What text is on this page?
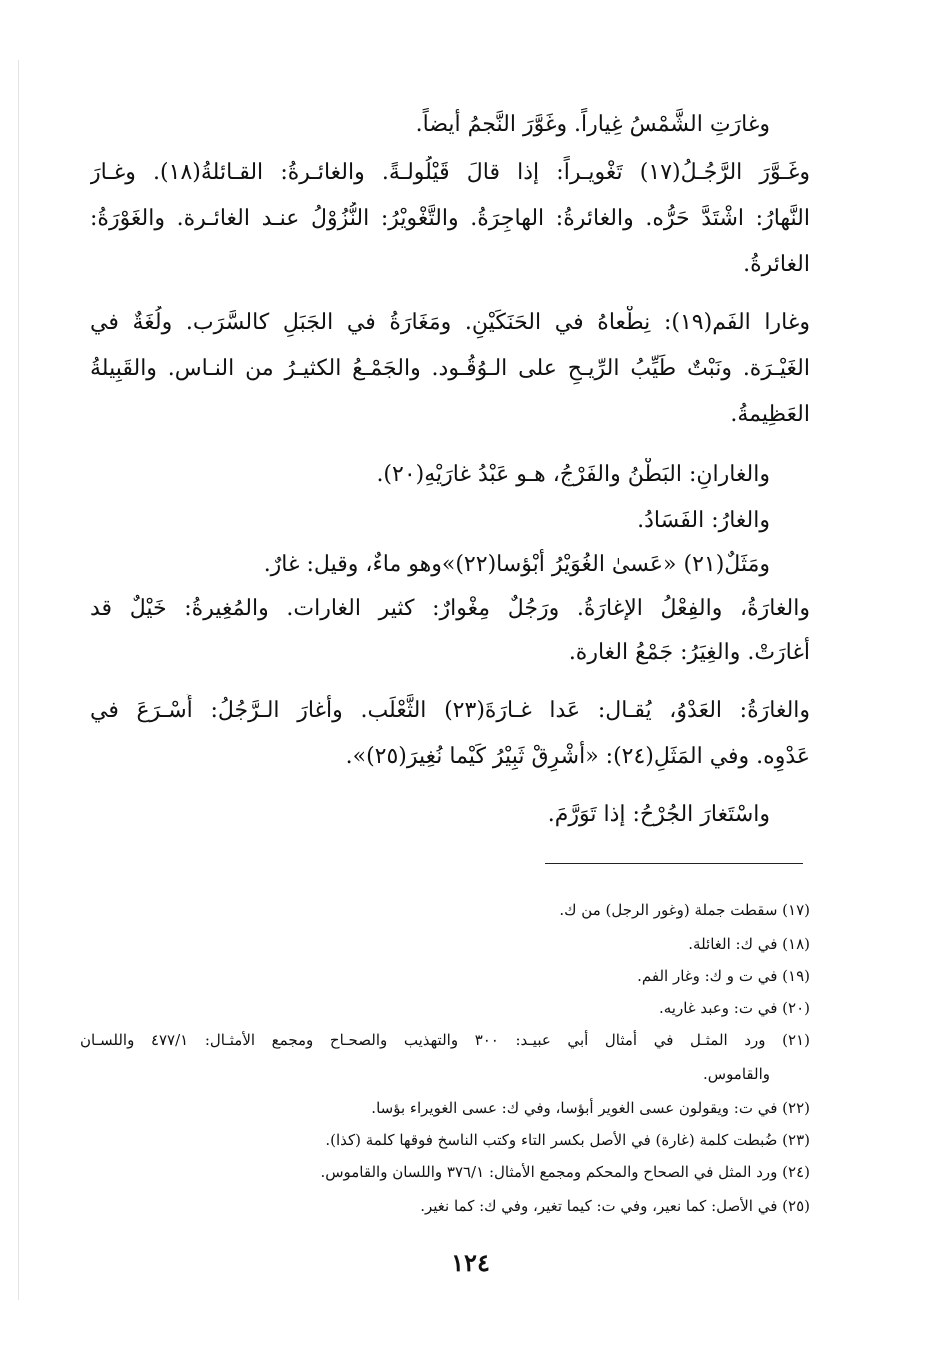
وغارَتِ الشَّمْسُ غِياراً. وغَوَّرَ النَّجمُ أيضاً.
وغَـوَّرَ الرَّجُـلُ(١٧) تَغْويـراً: إذا قالَ قَيْلُولـةً. والغائـرةُ: القـائلةُ(١٨). وغـارَ
النَّهارُ: اشْتَدَّ حَرُّه. والغائرةُ: الهاجِرَةُ. والتَّغْويْرُ: النُّزُوْلُ عنـد الغائـرة. والغَوْرَةُ:
الغائرةُ.
وغارا الفَم(١٩): نِطْعاهُ في الحَنَكَيْنِ. ومَغَارَةُ في الجَبَلِ كالسَّرَب. ولُغَةٌ في
الغَيْـرَة. ونَبْتٌ طَيِّبُ الرِّيـحِ على الـوُقُـود. والجَمْـعُ الكثيـرُ من النـاس. والقَبِيلةُ
العَظِيمةُ.
والغارانِ: البَطْنُ والفَرْجُ، هـو عَبْدُ غارَيْهِ(٢٠).
والغارُ: الفَسَادُ.
ومَثَلٌ(٢١) «عَسىٰ الغُوَيْرُ أبْؤسا(٢٢)»وهو ماءٌ، وقيل: غارٌ.
والغارَةُ، والفِعْلُ الإغارَةُ. ورَجُلٌ مِغْوارٌ: كثير الغارات. والمُغِيرةُ: خَيْلٌ قد
أغارَتْ. والغِيَرُ: جَمْعُ الغارة.
والغارَةُ: العَدْوُ، يُقـال: عَدا غـارَةَ(٢٣) الثَّعْلَب. وأغارَ الـرَّجُلُ: أَسْـرَعَ في
عَدْوِه. وفي المَثَلِ(٢٤): «أشْرِقْ ثَبِيْرُ كَيْما نُغِيرَ(٢٥)».
واسْتَغارَ الجُرْحُ: إذا تَوَرَّمَ.
(١٧) سقطت جملة (وغور الرجل) من ك.
(١٨) في ك: الغائلة.
(١٩) في ت و ك: وغار الفم.
(٢٠) في ت: وعبد غاريه.
(٢١) ورد المثـل في أمثال أبي عبيـد: ٣٠٠ والتهذيب والصحـاح ومجمع الأمثـال: ٤٧٧/١ واللسـان
والقاموس.
(٢٢) في ت: ويقولون عسى الغوير أبؤسا، وفي ك: عسى الغويراء بؤسا.
(٢٣) ضُبطت كلمة (غارة) في الأصل بكسر التاء وكتب الناسخ فوقها كلمة (كذا).
(٢٤) ورد المثل في الصحاح والمحكم ومجمع الأمثال: ٣٧٦/١ واللسان والقاموس.
(٢٥) في الأصل: كما نعير، وفي ت: كيما تغير، وفي ك: كما نغير.
١٢٤
